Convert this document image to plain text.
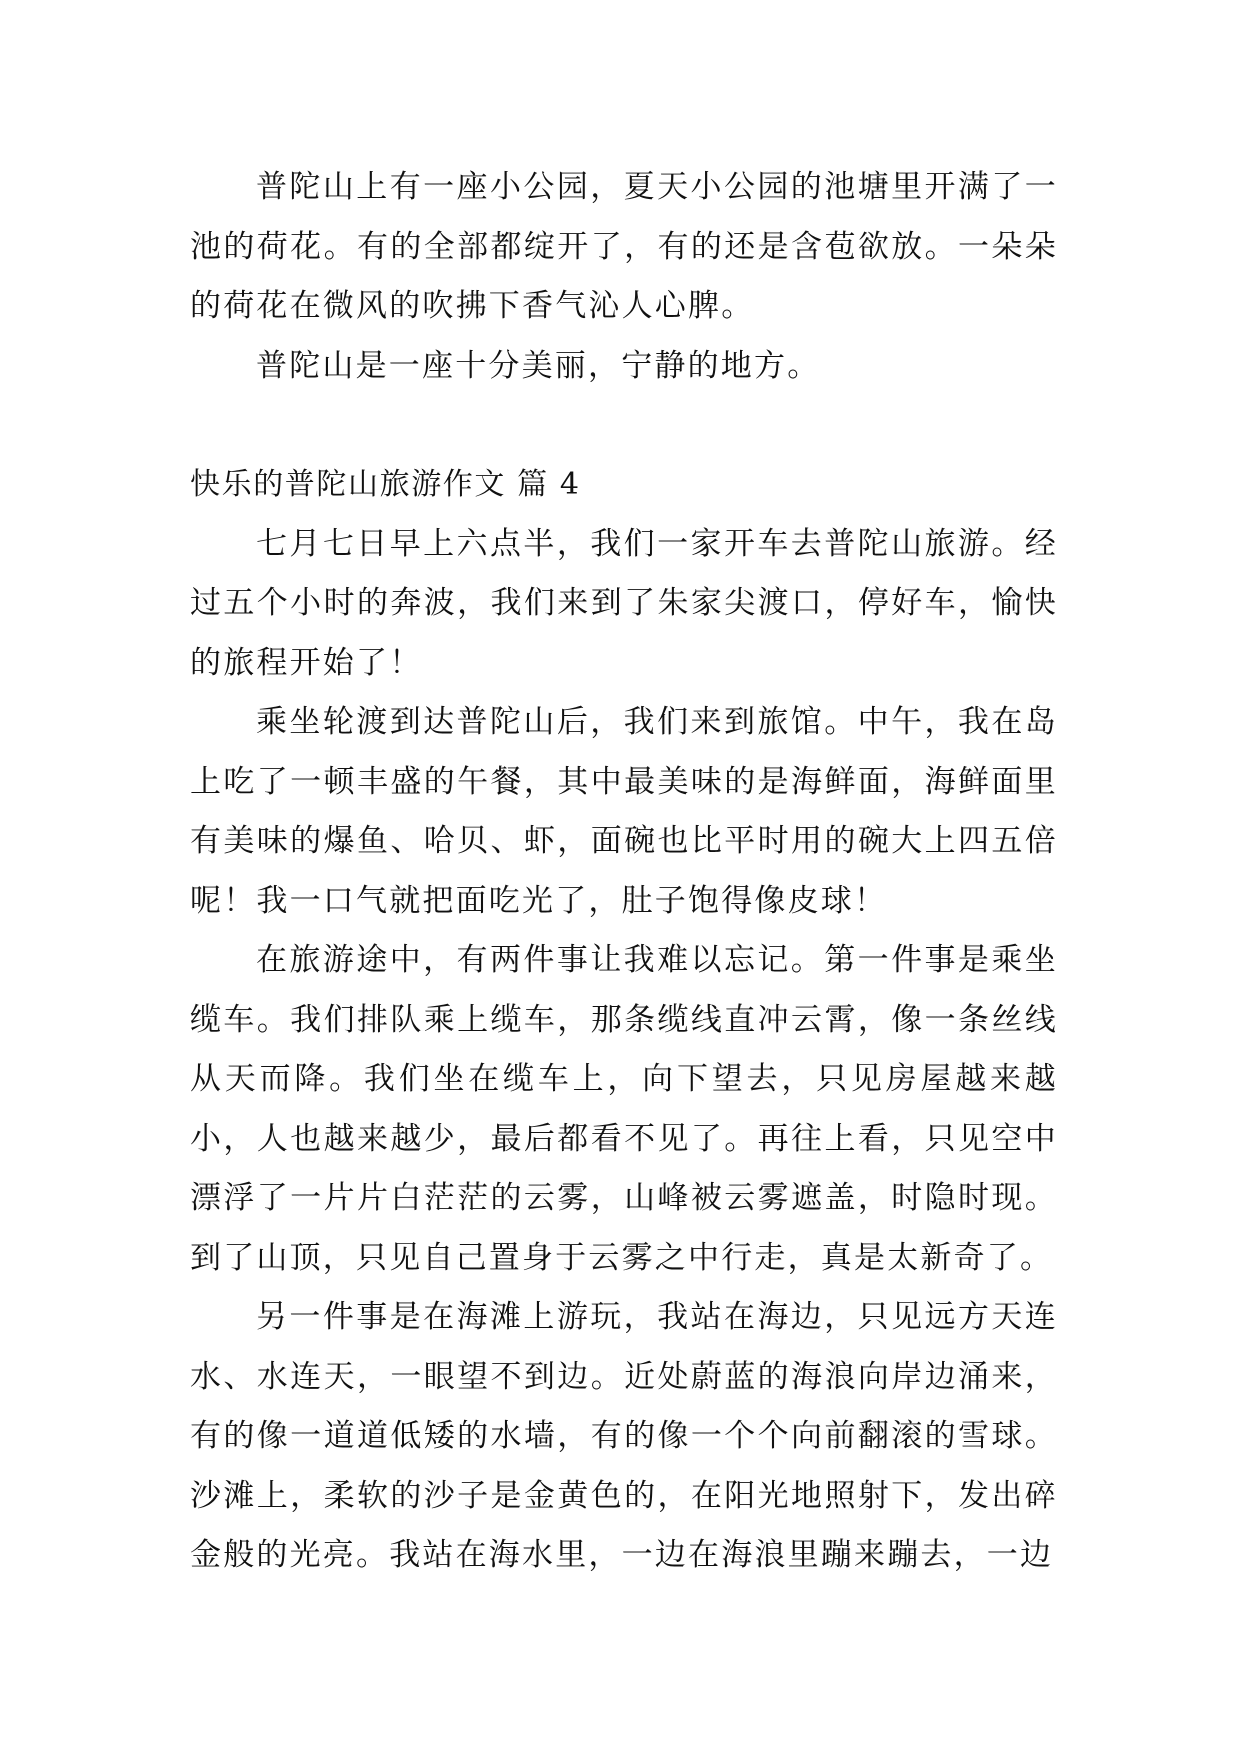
普陀山上有一座小公园，夏天小公园的池塘里开满了一池的荷花。有的全部都绽开了，有的还是含苞欲放。一朵朵的荷花在微风的吹拂下香气沁人心脾。

普陀山是一座十分美丽，宁静的地方。

快乐的普陀山旅游作文 篇 4

七月七日早上六点半，我们一家开车去普陀山旅游。经过五个小时的奔波，我们来到了朱家尖渡口，停好车，愉快的旅程开始了！

乘坐轮渡到达普陀山后，我们来到旅馆。中午，我在岛上吃了一顿丰盛的午餐，其中最美味的是海鲜面，海鲜面里有美味的爆鱼、哈贝、虾，面碗也比平时用的碗大上四五倍呢！我一口气就把面吃光了，肚子饱得像皮球！

在旅游途中，有两件事让我难以忘记。第一件事是乘坐缆车。我们排队乘上缆车，那条缆线直冲云霄，像一条丝线从天而降。我们坐在缆车上，向下望去，只见房屋越来越小，人也越来越少，最后都看不见了。再往上看，只见空中漂浮了一片片白茫茫的云雾，山峰被云雾遮盖，时隐时现。到了山顶，只见自己置身于云雾之中行走，真是太新奇了。

另一件事是在海滩上游玩，我站在海边，只见远方天连水、水连天，一眼望不到边。近处蔚蓝的海浪向岸边涌来，有的像一道道低矮的水墙，有的像一个个向前翻滚的雪球。沙滩上，柔软的沙子是金黄色的，在阳光地照射下，发出碎金般的光亮。我站在海水里，一边在海浪里蹦来蹦去，一边
